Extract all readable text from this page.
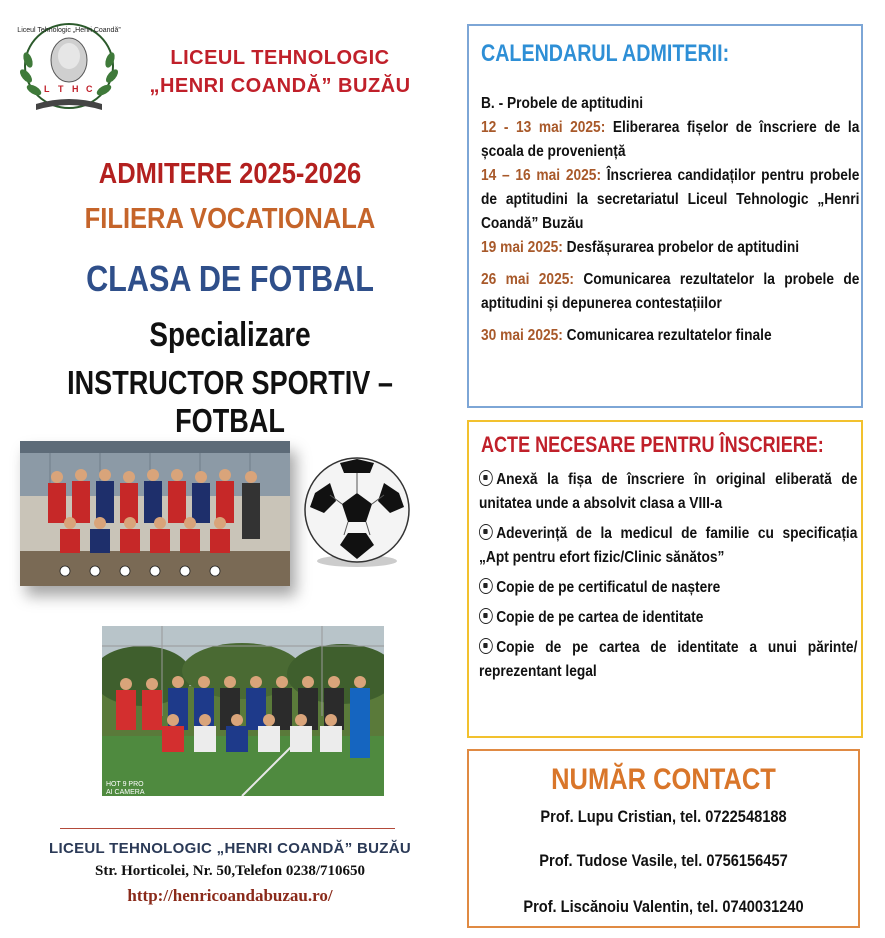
L T H C
Liceul Tehnologic „Henri Coandă”
LICEUL TEHNOLOGIC
„HENRI COANDĂ” BUZĂU
ADMITERE 2025-2026
FILIERA VOCATIONALA
CLASA DE FOTBAL
Specializare
INSTRUCTOR SPORTIV – FOTBAL
HOT 9 PRO
AI CAMERA
LICEUL TEHNOLOGIC „HENRI COANDĂ” BUZĂU
Str. Horticolei, Nr. 50,Telefon 0238/710650
http://henricoandabuzau.ro/
CALENDARUL ADMITERII:

B. - Probele de aptitudini

12 - 13 mai 2025: Eliberarea fișelor de înscriere de la școala de proveniență

14 – 16 mai 2025: Înscrierea candidaților pentru probele de aptitudini la secretariatul Liceul Tehnologic „Henri Coandă” Buzău

19 mai 2025: Desfășurarea probelor de aptitudini

26 mai 2025: Comunicarea rezultatelor la probele de aptitudini și depunerea contestațiilor

30 mai 2025: Comunicarea rezultatelor finale

ACTE NECESARE PENTRU ÎNSCRIERE:

Anexă la fișa de înscriere în original eliberată de unitatea unde a absolvit clasa a VIII-a

Adeverință de la medicul de familie cu specificația „Apt pentru efort fizic/Clinic sănătos”

Copie de pe certificatul de naștere

Copie de pe cartea de identitate

Copie de pe cartea de identitate a unui părinte/ reprezentant legal

NUMĂR CONTACT
Prof. Lupu Cristian, tel. 0722548188
Prof. Tudose Vasile, tel. 0756156457
Prof. Liscănoiu Valentin, tel. 0740031240
